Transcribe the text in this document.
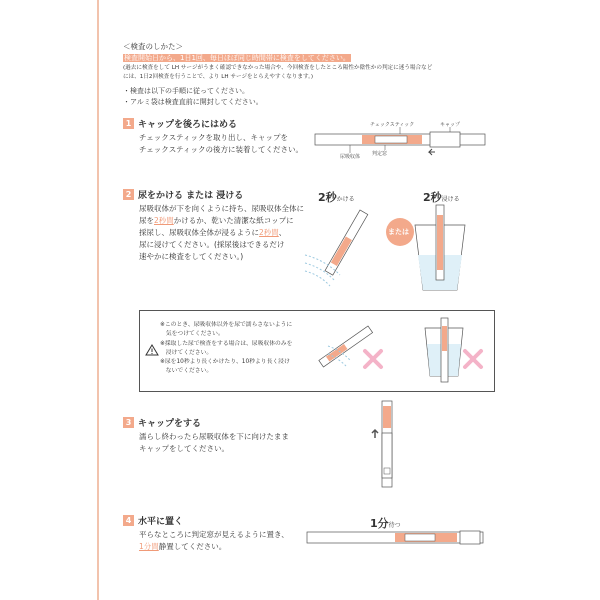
＜検査のしかた＞
検査開始日から、1日1回、毎日ほぼ同じ時間帯に検査をしてください。
(過去に検査をして LH サージがうまく確認できなかった場合や、今回検査をしたところ陽性か陰性かの判定に迷う場合など
には、1日2回検査を行うことで、より LH サージをとらえやすくなります。)
・検査は以下の手順に従ってください。
・アルミ袋は検査直前に開封してください。
1 キャップを後ろにはめる
チェックスティックを取り出し、キャップを
チェックスティックの後方に装着してください。
チェックスティック	キャップ
尿吸収体 判定窓
2 尿をかける または 浸ける
尿吸収体が下を向くように持ち、尿吸収体全体に
尿を2秒間かけるか、乾いた清潔な紙コップに
採尿し、尿吸収体全体が浸るように2秒間、
尿に浸けてください。(採尿後はできるだけ
速やかに検査をしてください。)
2秒かける	2秒浸ける
または
※このとき、尿吸収体以外を尿で濡らさないように
　気をつけてください。
※採取した尿で検査をする場合は、尿吸収体のみを
　浸けてください。
※尿を10秒より長くかけたり、10秒より長く浸け
　ないでください。
3 キャップをする
濡らし終わったら尿吸収体を下に向けたまま
キャップをしてください。
4 水平に置く
平らなところに判定窓が見えるように置き、
1分間静置してください。
1分待つ
